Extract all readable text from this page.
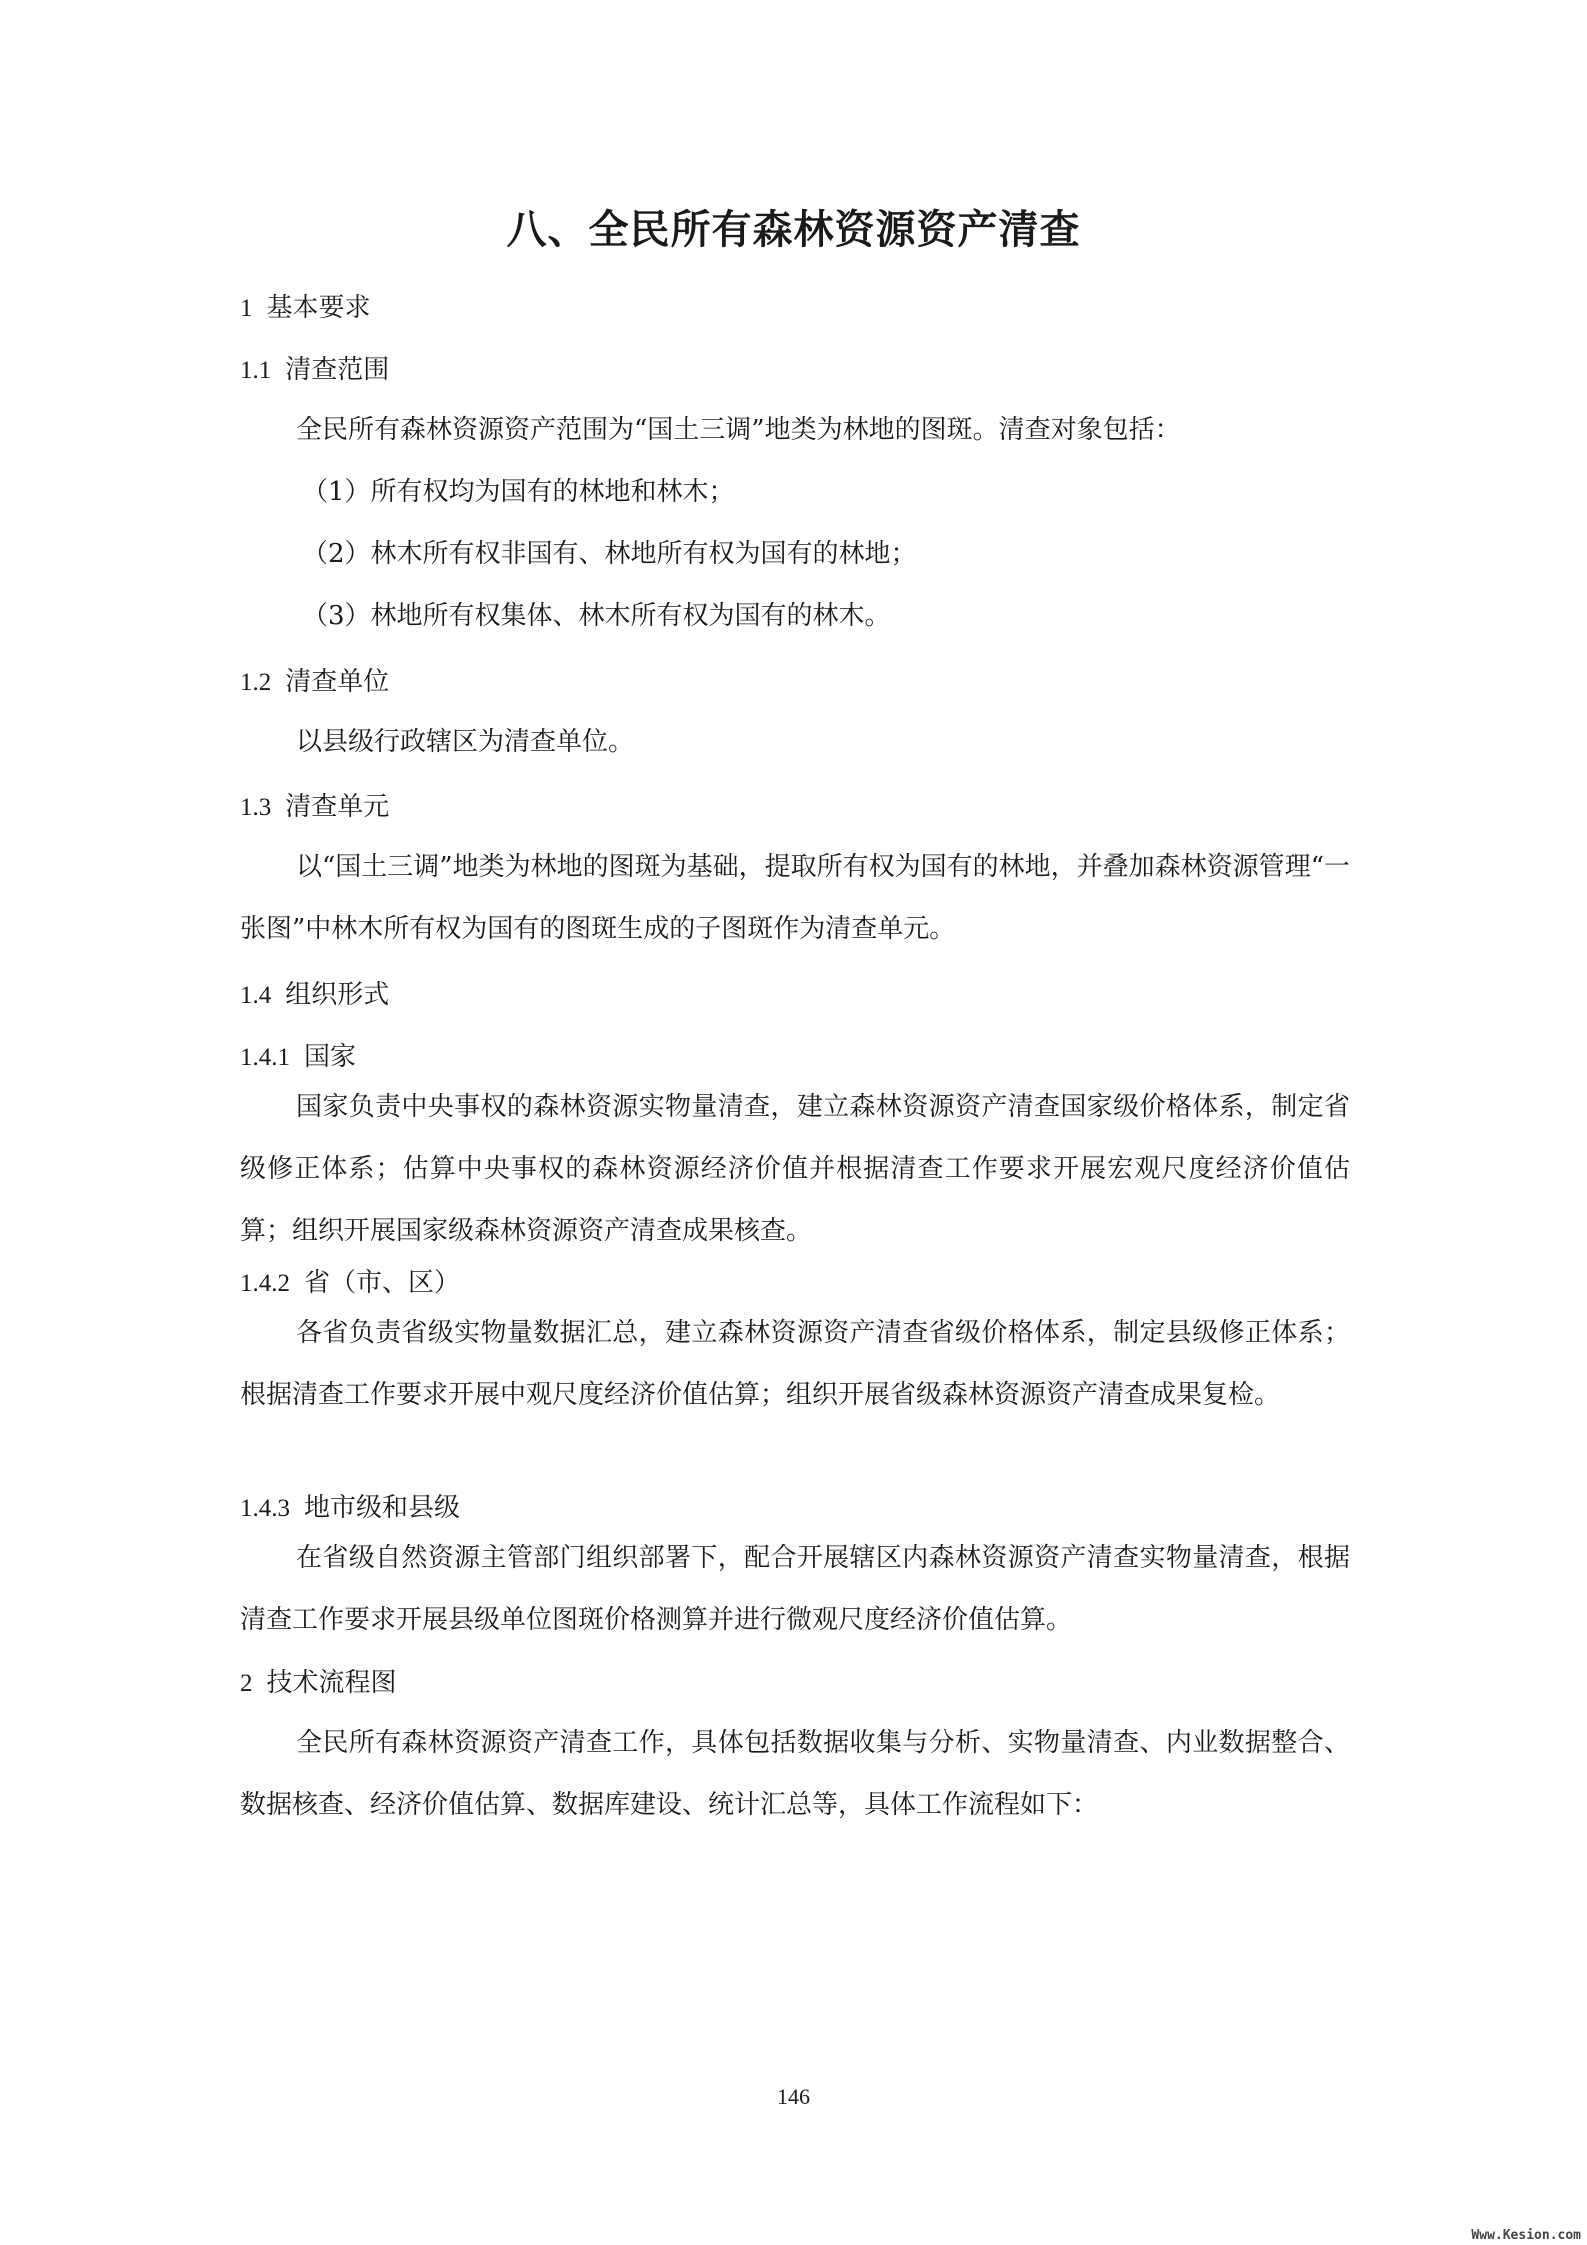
八、全民所有森林资源资产清查
1 基本要求
1.1 清查范围

全民所有森林资源资产范围为“国土三调”地类为林地的图斑。清查对象包括：

（1）所有权均为国有的林地和林木；

（2）林木所有权非国有、林地所有权为国有的林地；

（3）林地所有权集体、林木所有权为国有的林木。

1.2 清查单位

以县级行政辖区为清查单位。

1.3 清查单元

以“国土三调”地类为林地的图斑为基础，提取所有权为国有的林地，并叠加森林资源管理“一张图”中林木所有权为国有的图斑生成的子图斑作为清查单元。

1.4 组织形式
1.4.1 国家

国家负责中央事权的森林资源实物量清查，建立森林资源资产清查国家级价格体系，制定省级修正体系；估算中央事权的森林资源经济价值并根据清查工作要求开展宏观尺度经济价值估算；组织开展国家级森林资源资产清查成果核查。

1.4.2 省（市、区）

各省负责省级实物量数据汇总，建立森林资源资产清查省级价格体系，制定县级修正体系；根据清查工作要求开展中观尺度经济价值估算；组织开展省级森林资源资产清查成果复检。

1.4.3 地市级和县级

在省级自然资源主管部门组织部署下，配合开展辖区内森林资源资产清查实物量清查，根据清查工作要求开展县级单位图斑价格测算并进行微观尺度经济价值估算。

2 技术流程图

全民所有森林资源资产清查工作，具体包括数据收集与分析、实物量清查、内业数据整合、数据核查、经济价值估算、数据库建设、统计汇总等，具体工作流程如下：

146
Www.Kesion.com
